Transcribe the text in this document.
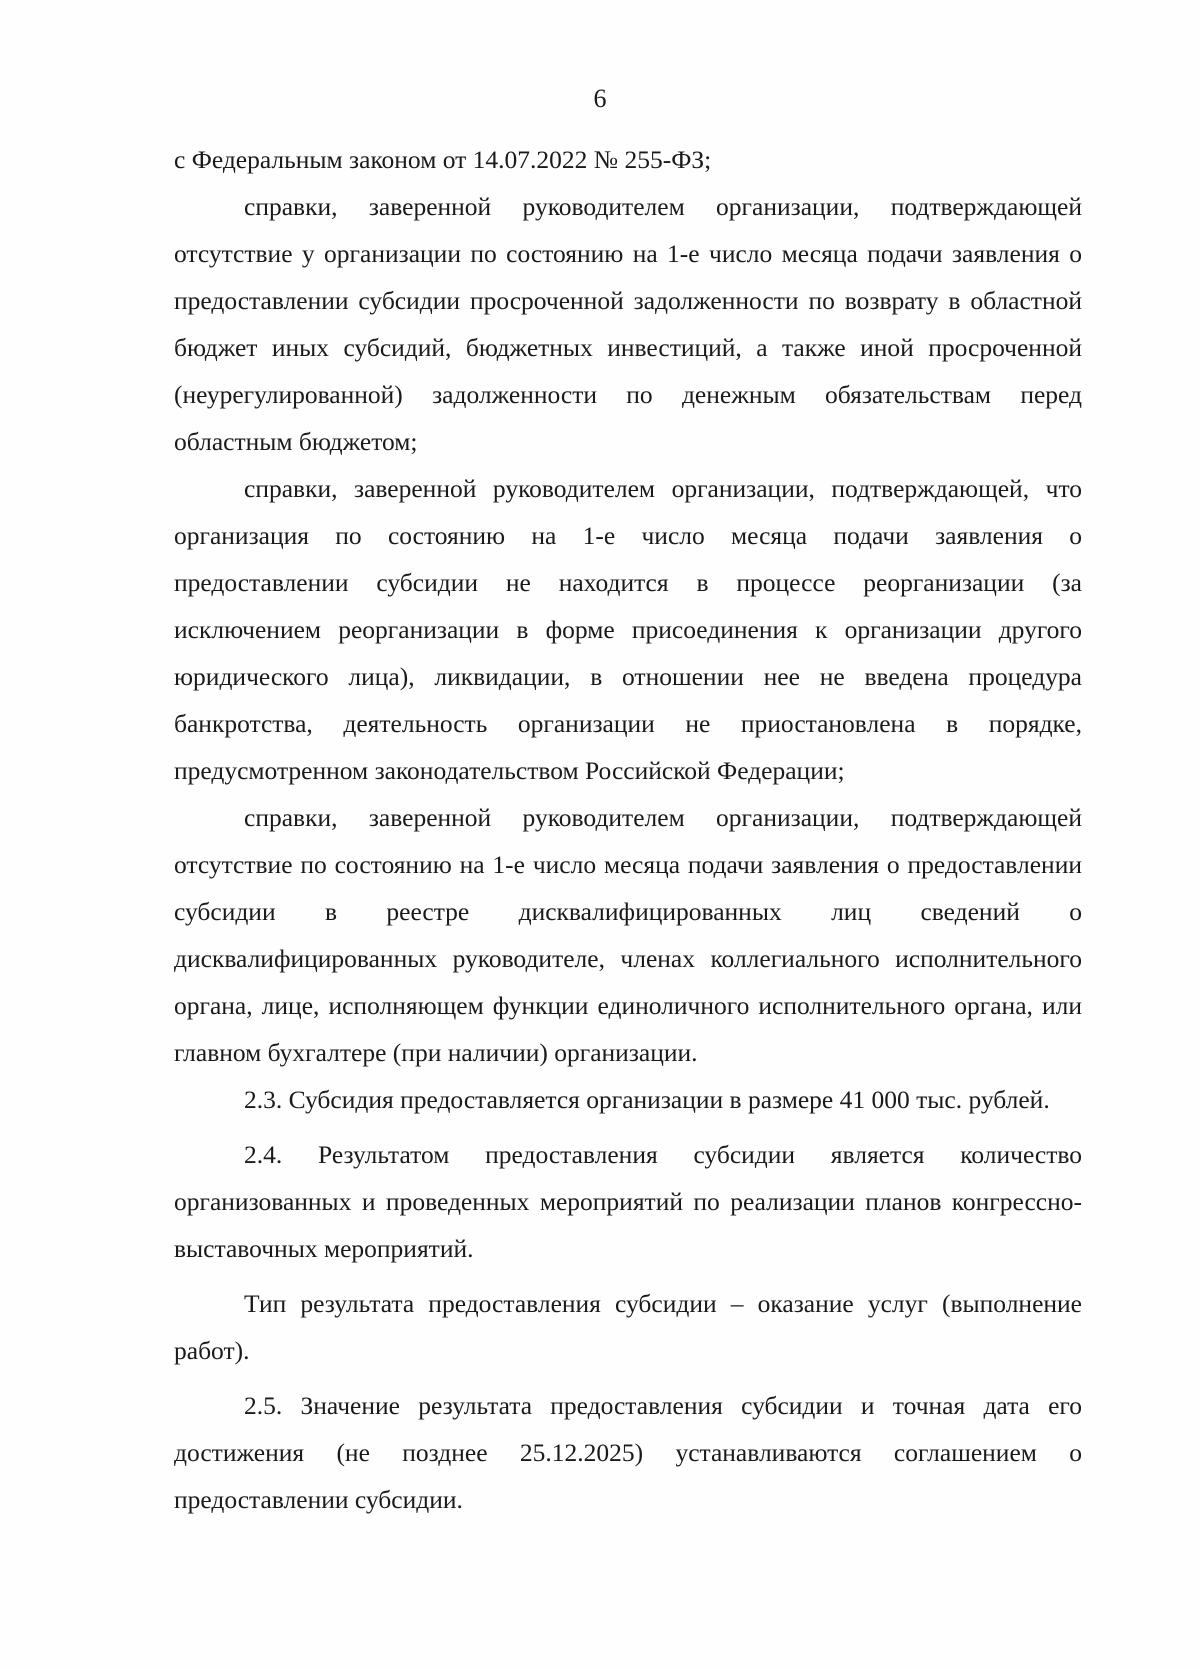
6

с Федеральным законом от 14.07.2022 № 255-ФЗ;

справки, заверенной руководителем организации, подтверждающей отсутствие у организации по состоянию на 1-е число месяца подачи заявления о предоставлении субсидии просроченной задолженности по возврату в областной бюджет иных субсидий, бюджетных инвестиций, а также иной просроченной (неурегулированной) задолженности по денежным обязательствам перед областным бюджетом;

справки, заверенной руководителем организации, подтверждающей, что организация по состоянию на 1-е число месяца подачи заявления о предоставлении субсидии не находится в процессе реорганизации (за исключением реорганизации в форме присоединения к организации другого юридического лица), ликвидации, в отношении нее не введена процедура банкротства, деятельность организации не приостановлена в порядке, предусмотренном законодательством Российской Федерации;

справки, заверенной руководителем организации, подтверждающей отсутствие по состоянию на 1-е число месяца подачи заявления о предоставлении субсидии в реестре дисквалифицированных лиц сведений о дисквалифицированных руководителе, членах коллегиального исполнительного органа, лице, исполняющем функции единоличного исполнительного органа, или главном бухгалтере (при наличии) организации.

2.3. Субсидия предоставляется организации в размере 41 000 тыс. рублей.

2.4. Результатом предоставления субсидии является количество организованных и проведенных мероприятий по реализации планов конгрессно-выставочных мероприятий.

Тип результата предоставления субсидии – оказание услуг (выполнение работ).

2.5. Значение результата предоставления субсидии и точная дата его достижения (не позднее 25.12.2025) устанавливаются соглашением о предоставлении субсидии.
